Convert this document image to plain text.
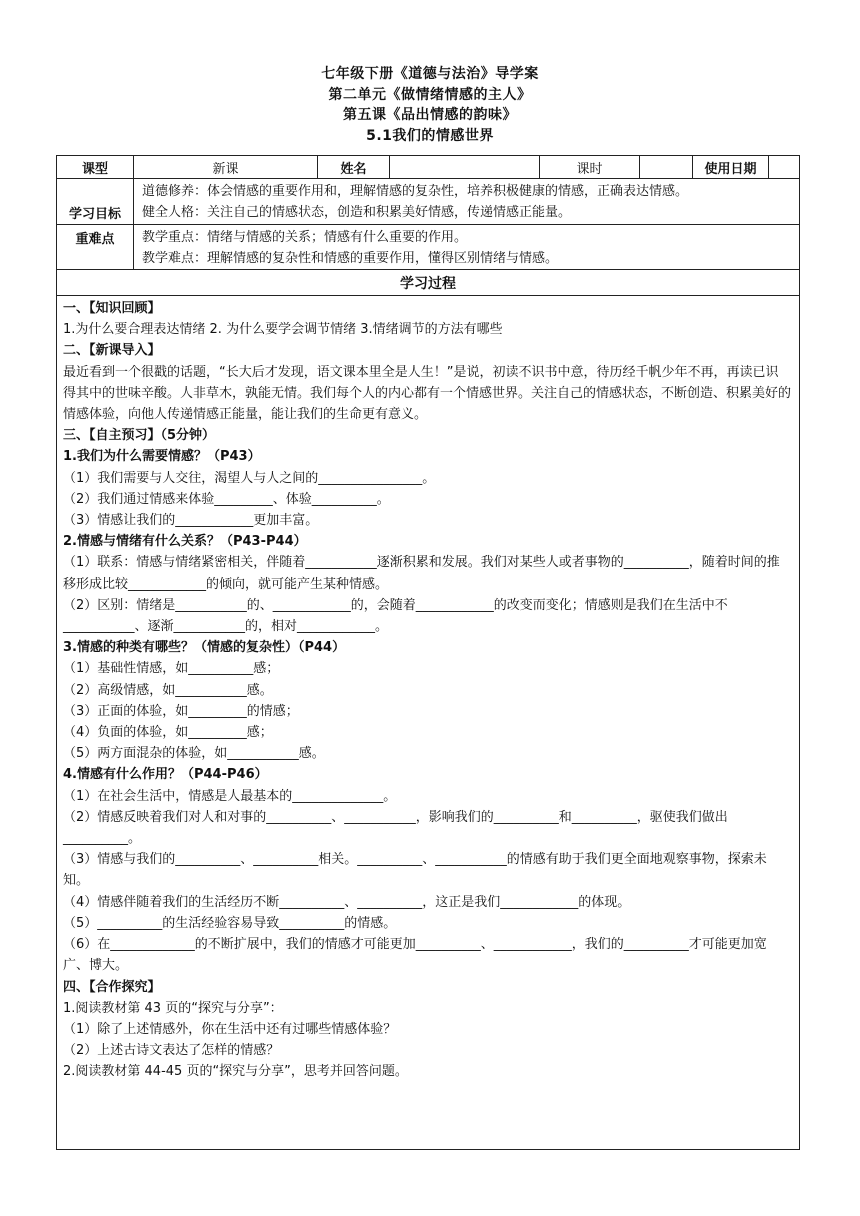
七年级下册《道德与法治》导学案
第二单元《做情绪情感的主人》
第五课《品出情感的韵味》
5.1我们的情感世界
课型	新课	姓名	课时	使用日期
学习目标
道德修养：体会情感的重要作用和，理解情感的复杂性，培养积极健康的情感，正确表达情感。
健全人格：关注自己的情感状态，创造和积累美好情感，传递情感正能量。
重难点	教学重点：情绪与情感的关系；情感有什么重要的作用。
教学难点：理解情感的复杂性和情感的重要作用，懂得区别情绪与情感。
学习过程

一、【知识回顾】

1.为什么要合理表达情绪 2. 为什么要学会调节情绪 3.情绪调节的方法有哪些

二、【新课导入】

最近看到一个很戳的话题，“长大后才发现，语文课本里全是人生！”是说，初读不识书中意，待历经千帆少年不再，再读已识得其中的世味辛酸。人非草木，孰能无情。我们每个人的内心都有一个情感世界。关注自己的情感状态，不断创造、积累美好的情感体验，向他人传递情感正能量，能让我们的生命更有意义。

三、【自主预习】（5分钟）

1.我们为什么需要情感？（P43）

（1）我们需要与人交往，渴望人与人之间的________________。

（2）我们通过情感来体验_________、体验__________。

（3）情感让我们的____________更加丰富。

2.情感与情绪有什么关系？（P43-P44）

（1）联系：情感与情绪紧密相关，伴随着___________逐渐积累和发展。我们对某些人或者事物的__________，随着时间的推移形成比较____________的倾向，就可能产生某种情感。

（2）区别：情绪是___________的、____________的，会随着____________的改变而变化；情感则是我们在生活中不___________、逐渐___________的，相对____________。

3.情感的种类有哪些？（情感的复杂性）（P44）

（1）基础性情感，如__________感；

（2）高级情感，如___________感。

（3）正面的体验，如_________的情感；

（4）负面的体验，如_________感；

（5）两方面混杂的体验，如___________感。

4.情感有什么作用？（P44-P46）

（1）在社会生活中，情感是人最基本的______________。

（2）情感反映着我们对人和对事的__________、___________，影响我们的__________和__________，驱使我们做出__________。

（3）情感与我们的__________、__________相关。__________、___________的情感有助于我们更全面地观察事物，探索未知。

（4）情感伴随着我们的生活经历不断__________、__________，这正是我们____________的体现。

（5）__________的生活经验容易导致__________的情感。

（6）在_____________的不断扩展中，我们的情感才可能更加__________、____________，我们的__________才可能更加宽广、博大。

四、【合作探究】

1.阅读教材第 43 页的“探究与分享”：

（1）除了上述情感外，你在生活中还有过哪些情感体验？

（2）上述古诗文表达了怎样的情感？

2.阅读教材第 44-45 页的“探究与分享”，思考并回答问题。
